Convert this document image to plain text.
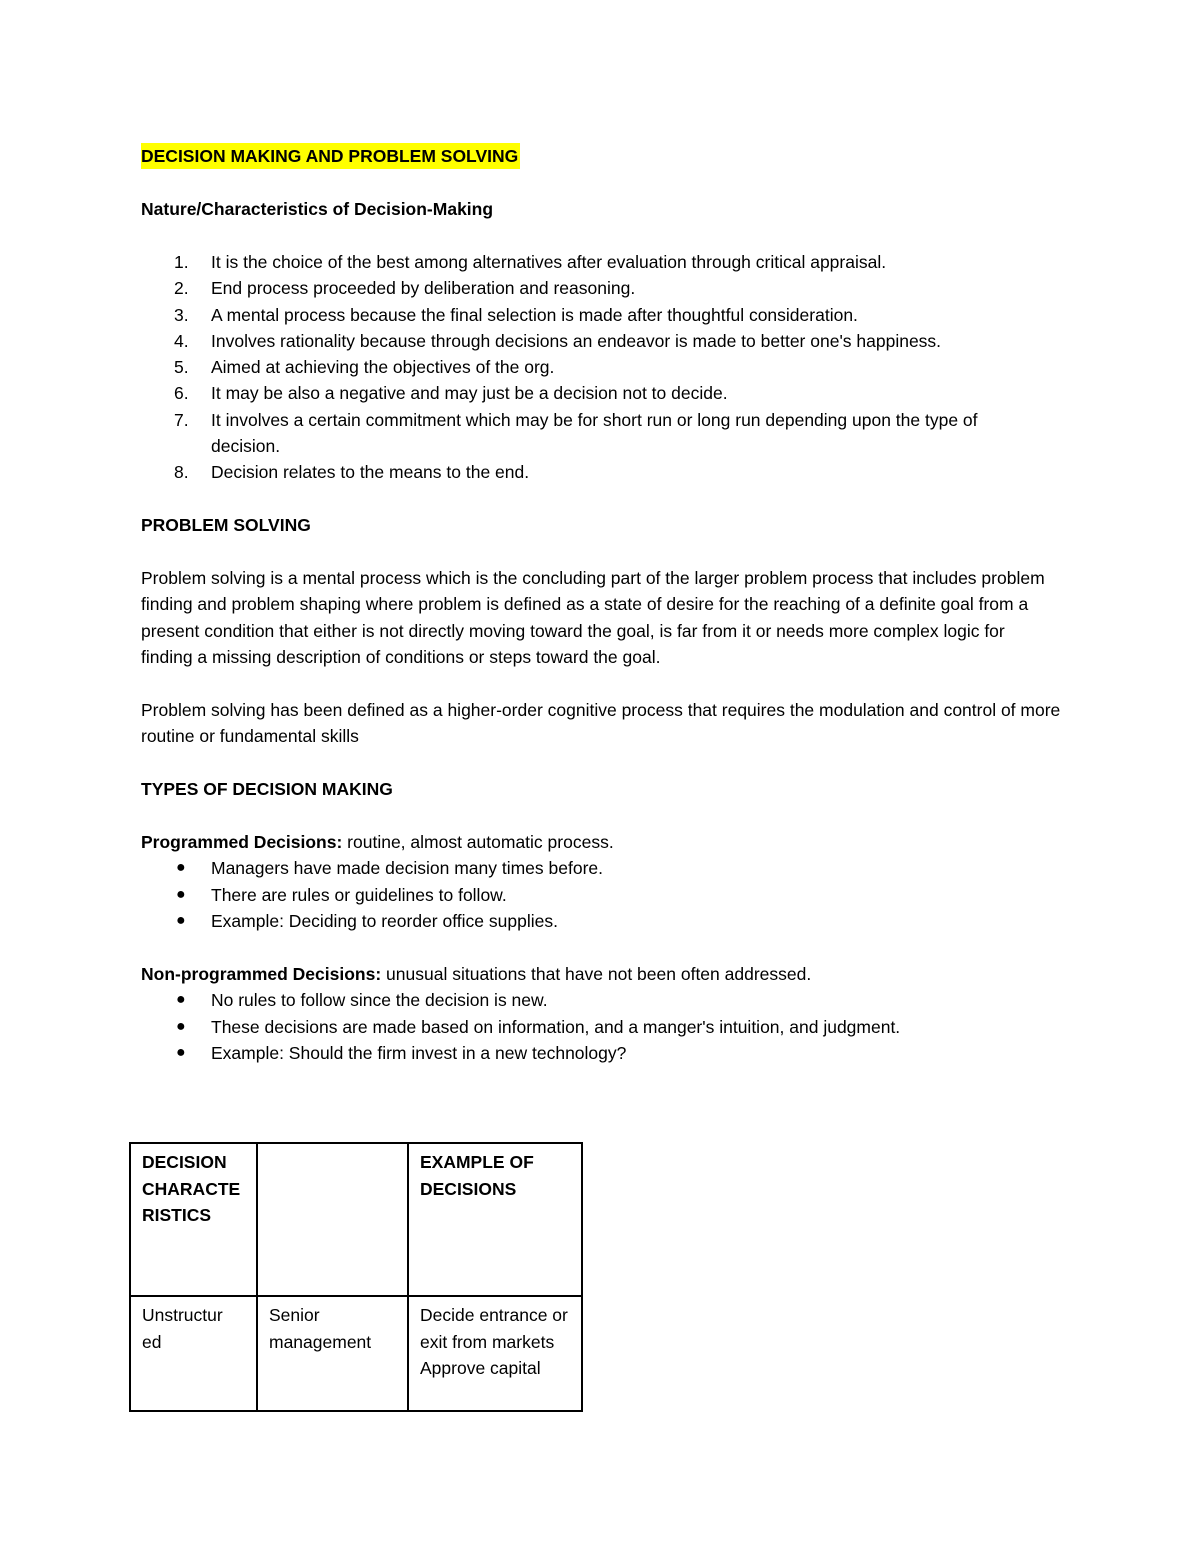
DECISION MAKING AND PROBLEM SOLVING
Nature/Characteristics of Decision-Making
1. It is the choice of the best among alternatives after evaluation through critical appraisal.
2. End process proceeded by deliberation and reasoning.
3. A mental process because the final selection is made after thoughtful consideration.
4. Involves rationality because through decisions an endeavor is made to better one's happiness.
5. Aimed at achieving the objectives of the org.
6. It may be also a negative and may just be a decision not to decide.
7. It involves a certain commitment which may be for short run or long run depending upon the type of decision.
8. Decision relates to the means to the end.
PROBLEM SOLVING
Problem solving is a mental process which is the concluding part of the larger problem process that includes problem finding and problem shaping where problem is defined as a state of desire for the reaching of a definite goal from a present condition that either is not directly moving toward the goal, is far from it or needs more complex logic for finding a missing description of conditions or steps toward the goal.
Problem solving has been defined as a higher-order cognitive process that requires the modulation and control of more routine or fundamental skills
TYPES OF DECISION MAKING
Programmed Decisions: routine, almost automatic process.
● Managers have made decision many times before.
● There are rules or guidelines to follow.
● Example: Deciding to reorder office supplies.
Non-programmed Decisions: unusual situations that have not been often addressed.
● No rules to follow since the decision is new.
● These decisions are made based on information, and a manger's intuition, and judgment.
● Example: Should the firm invest in a new technology?
DECISION CHARACTE RISTICS		EXAMPLE OF DECISIONS
Unstructur ed	Senior management	Decide entrance or exit from markets Approve capital
